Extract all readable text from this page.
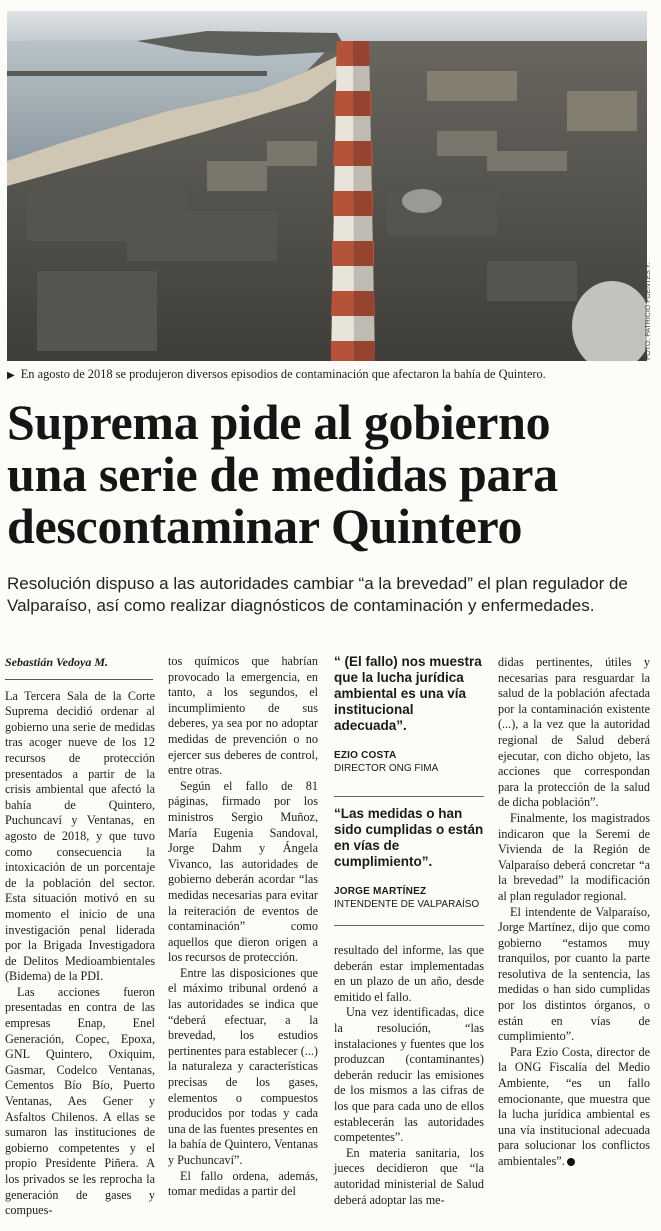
FOTO: PATRICIO FUENTES Y.
▶ En agosto de 2018 se produjeron diversos episodios de contaminación que afectaron la bahía de Quintero.
Suprema pide al gobierno
una serie de medidas para
descontaminar Quintero
Resolución dispuso a las autoridades cambiar “a la brevedad” el plan regulador de
Valparaíso, así como realizar diagnósticos de contaminación y enfermedades.

Sebastián Vedoya M.

La Tercera Sala de la Corte Suprema decidió ordenar al gobierno una serie de medidas tras acoger nueve de los 12 recursos de protección presentados a partir de la crisis ambiental que afectó la bahía de Quintero, Puchuncaví y Ventanas, en agosto de 2018, y que tuvo como consecuencia la intoxicación de un porcentaje de la población del sector. Esta situación motivó en su momento el inicio de una investigación penal liderada por la Brigada Investigadora de Delitos Medioambientales (Bidema) de la PDI.

Las acciones fueron presentadas en contra de las empresas Enap, Enel Generación, Copec, Epoxa, GNL Quintero, Oxiquim, Gasmar, Codelco Ventanas, Cementos Bío Bío, Puerto Ventanas, Aes Gener y Asfaltos Chilenos. A ellas se sumaron las instituciones de gobierno competentes y el propio Presidente Piñera. A los privados se les reprocha la generación de gases y compues-

tos químicos que habrían provocado la emergencia, en tanto, a los segundos, el incumplimiento de sus deberes, ya sea por no adoptar medidas de prevención o no ejercer sus deberes de control, entre otras.

Según el fallo de 81 páginas, firmado por los ministros Sergio Muñoz, María Eugenia Sandoval, Jorge Dahm y Ángela Vivanco, las autoridades de gobierno deberán acordar “las medidas necesarias para evitar la reiteración de eventos de contaminación” como aquellos que dieron origen a los recursos de protección.

Entre las disposiciones que el máximo tribunal ordenó a las autoridades se indica que “deberá efectuar, a la brevedad, los estudios pertinentes para establecer (...) la naturaleza y características precisas de los gases, elementos o compuestos producidos por todas y cada una de las fuentes presentes en la bahía de Quintero, Ventanas y Puchuncaví”.

El fallo ordena, además, tomar medidas a partir del

“ (El fallo) nos muestra que la lucha jurídica ambiental es una vía institucional adecuada”.
EZIO COSTA
DIRECTOR ONG FIMA
“Las medidas o han sido cumplidas o están en vías de cumplimiento”.
JORGE MARTÍNEZ
INTENDENTE DE VALPARAÍSO

resultado del informe, las que deberán estar implementadas en un plazo de un año, desde emitido el fallo.

Una vez identificadas, dice la resolución, “las instalaciones y fuentes que los produzcan (contaminantes) deberán reducir las emisiones de los mismos a las cifras de los que para cada uno de ellos establecerán las autoridades competentes”.

En materia sanitaria, los jueces decidieron que “la autoridad ministerial de Salud deberá adoptar las me-

didas pertinentes, útiles y necesarias para resguardar la salud de la población afectada por la contaminación existente (...), a la vez que la autoridad regional de Salud deberá ejecutar, con dicho objeto, las acciones que correspondan para la protección de la salud de dicha población”.

Finalmente, los magistrados indicaron que la Seremi de Vivienda de la Región de Valparaíso deberá concretar “a la brevedad” la modificación al plan regulador regional.

El intendente de Valparaíso, Jorge Martínez, dijo que como gobierno “estamos muy tranquilos, por cuanto la parte resolutiva de la sentencia, las medidas o han sido cumplidas por los distintos órganos, o están en vías de cumplimiento”.

Para Ezio Costa, director de la ONG Fiscalía del Medio Ambiente, “es un fallo emocionante, que muestra que la lucha jurídica ambiental es una vía institucional adecuada para solucionar los conflictos ambientales”.
